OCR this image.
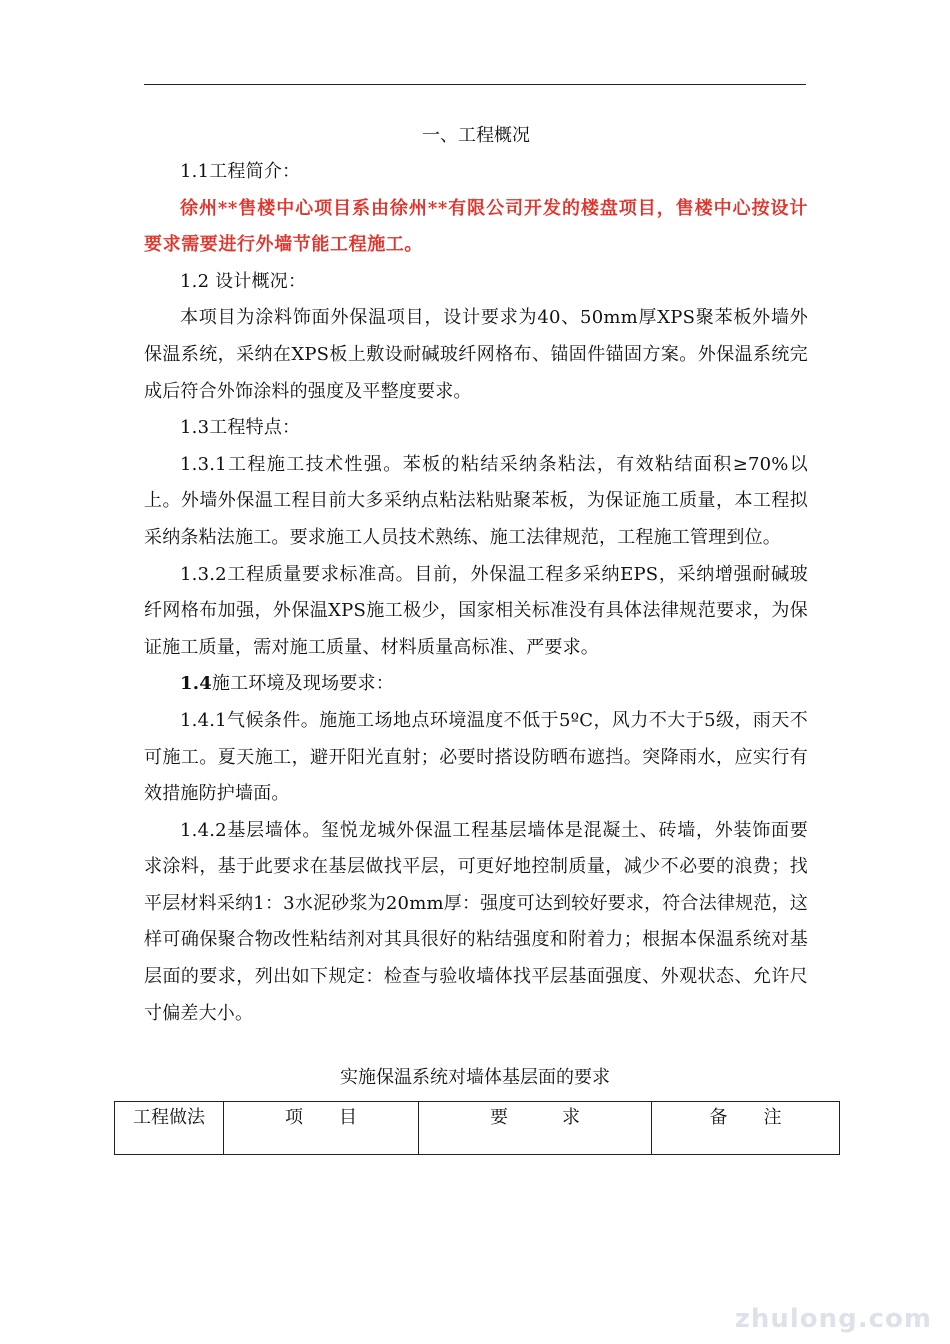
一、工程概况

1.1工程简介：

徐州**售楼中心项目系由徐州**有限公司开发的楼盘项目，售楼中心按设计要求需要进行外墙节能工程施工。

1.2 设计概况：

本项目为涂料饰面外保温项目，设计要求为40、50mm厚XPS聚苯板外墙外保温系统，采纳在XPS板上敷设耐碱玻纤网格布、锚固件锚固方案。外保温系统完成后符合外饰涂料的强度及平整度要求。

1.3工程特点：

1.3.1工程施工技术性强。苯板的粘结采纳条粘法，有效粘结面积≥70%以上。外墙外保温工程目前大多采纳点粘法粘贴聚苯板，为保证施工质量，本工程拟采纳条粘法施工。要求施工人员技术熟练、施工法律规范，工程施工管理到位。

1.3.2工程质量要求标准高。目前，外保温工程多采纳EPS，采纳增强耐碱玻纤网格布加强，外保温XPS施工极少，国家相关标准没有具体法律规范要求，为保证施工质量，需对施工质量、材料质量高标准、严要求。

1.4施工环境及现场要求：

1.4.1气候条件。施施工场地点环境温度不低于5ºC，风力不大于5级，雨天不可施工。夏天施工，避开阳光直射；必要时搭设防晒布遮挡。突降雨水，应实行有效措施防护墙面。

1.4.2基层墙体。玺悦龙城外保温工程基层墙体是混凝土、砖墙，外装饰面要求涂料，基于此要求在基层做找平层，可更好地控制质量，减少不必要的浪费；找平层材料采纳1：3水泥砂浆为20mm厚：强度可达到较好要求，符合法律规范，这样可确保聚合物改性粘结剂对其具很好的粘结强度和附着力；根据本保温系统对基层面的要求，列出如下规定：检查与验收墙体找平层基面强度、外观状态、允许尺寸偏差大小。

实施保温系统对墙体基层面的要求
工程做法	项　　目	要　　　求	备　　注
zhulong.com
